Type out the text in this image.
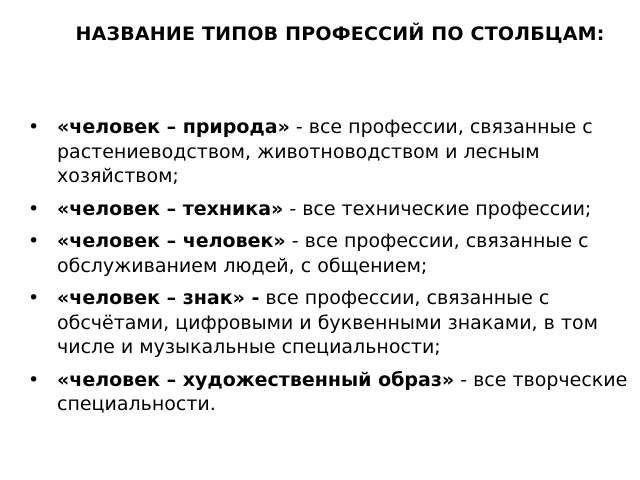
НАЗВАНИЕ ТИПОВ ПРОФЕССИЙ ПО СТОЛБЦАМ:
• «человек – природа» - все профессии, связанные с растениеводством, животноводством и лесным хозяйством;
• «человек – техника» - все технические профессии;
• «человек – человек» - все профессии, связанные с обслуживанием людей, с общением;
• «человек – знак» - все профессии, связанные с обсчётами, цифровыми и буквенными знаками, в том числе и музыкальные специальности;
• «человек – художественный образ» - все творческие специальности.
